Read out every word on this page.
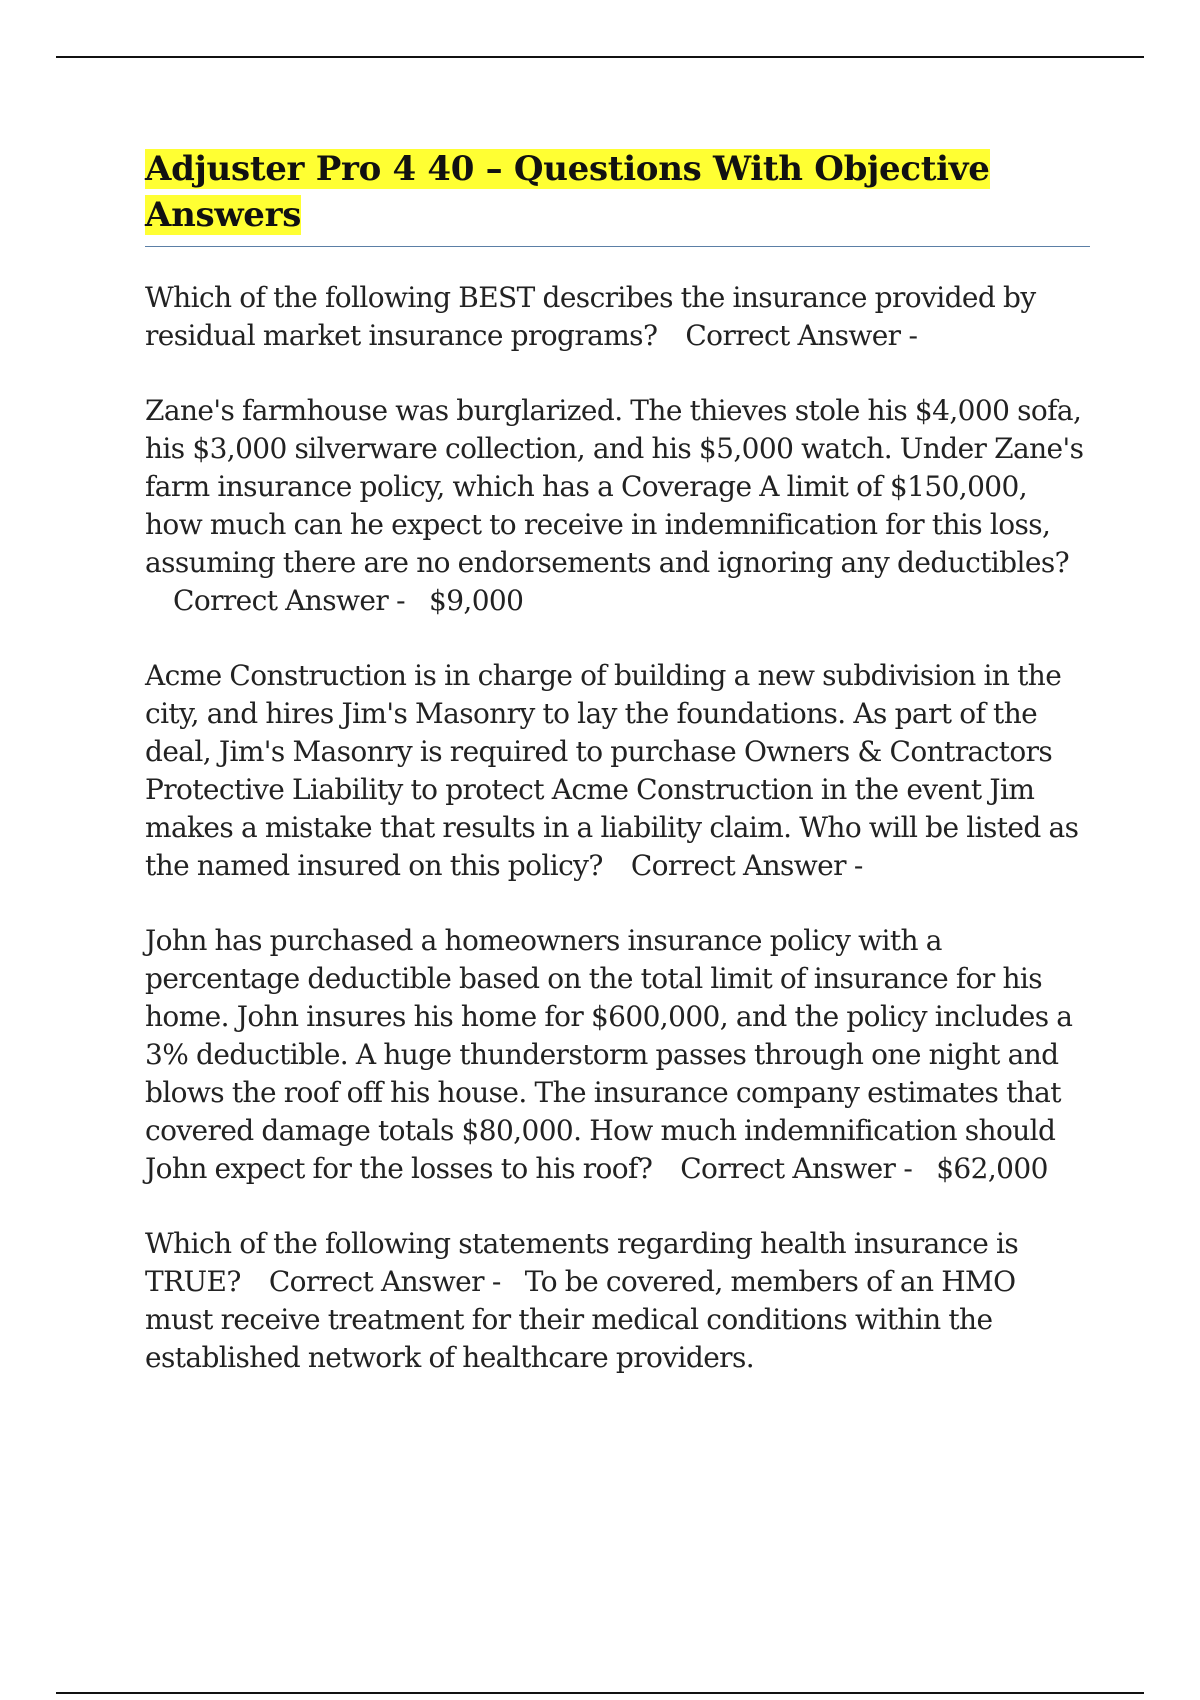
Adjuster Pro 4 40 – Questions With Objective Answers

Which of the following BEST describes the insurance provided by residual market insurance programs? Correct Answer -

Zane's farmhouse was burglarized. The thieves stole his $4,000 sofa, his $3,000 silverware collection, and his $5,000 watch. Under Zane's farm insurance policy, which has a Coverage A limit of $150,000, how much can he expect to receive in indemnification for this loss, assuming there are no endorsements and ignoring any deductibles?Correct Answer - $9,000

Acme Construction is in charge of building a new subdivision in the city, and hires Jim's Masonry to lay the foundations. As part of the deal, Jim's Masonry is required to purchase Owners & Contractors Protective Liability to protect Acme Construction in the event Jim makes a mistake that results in a liability claim. Who will be listed as the named insured on this policy? Correct Answer -

John has purchased a homeowners insurance policy with a percentage deductible based on the total limit of insurance for his home. John insures his home for $600,000, and the policy includes a 3% deductible. A huge thunderstorm passes through one night and blows the roof off his house. The insurance company estimates that covered damage totals $80,000. How much indemnification should John expect for the losses to his roof? Correct Answer - $62,000

Which of the following statements regarding health insurance is TRUE? Correct Answer - To be covered, members of an HMO must receive treatment for their medical conditions within the established network of healthcare providers.
